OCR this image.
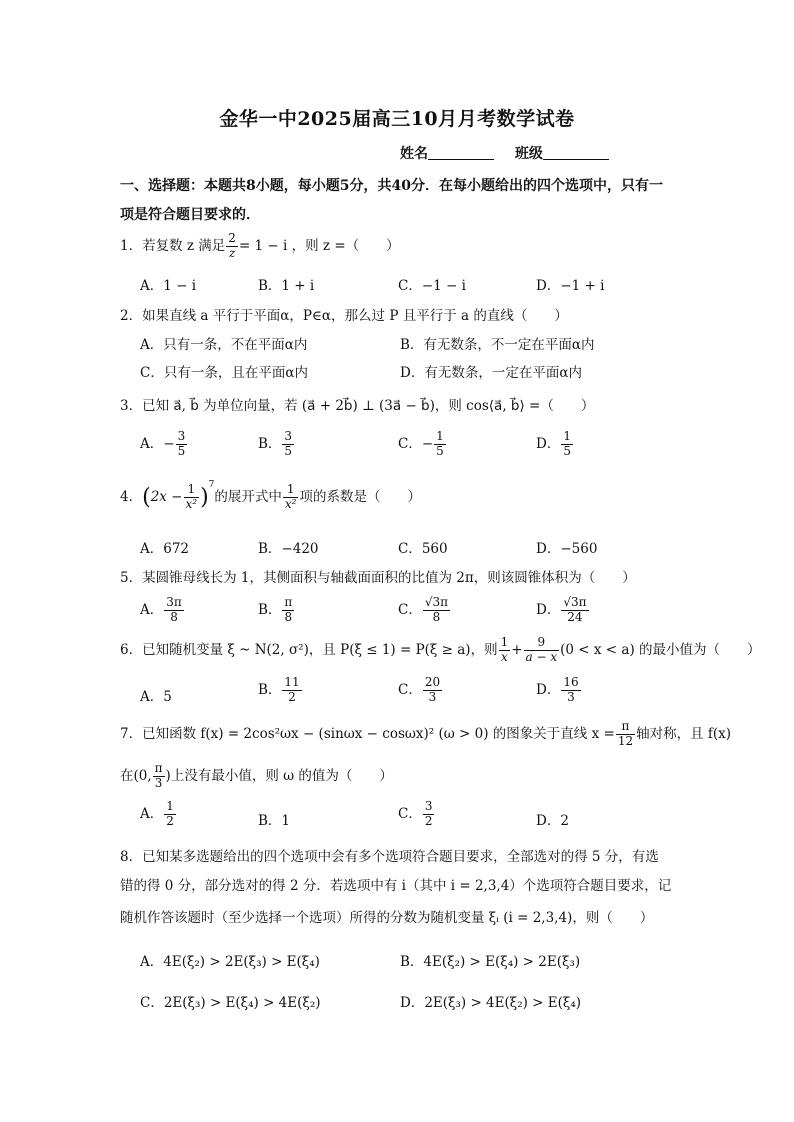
金华一中2025届高三10月月考数学试卷
姓名	班级
一、选择题：本题共8小题，每小题5分，共40分．在每小题给出的四个选项中，只有一
项是符合题目要求的．
1．若复数 z 满足 $\frac{2}{z} = 1 - i$ ，则 z =（　　）
A．1 − i	B．1 + i	C．−1 − i	D．−1 + i
2．如果直线 a 平行于平面α，P∈α，那么过 P 且平行于 a 的直线（　　）
A．只有一条，不在平面α内	B．有无数条，不一定在平面α内
C．只有一条，且在平面α内	D．有无数条，一定在平面α内
3．已知 a⃗, b⃗ 为单位向量，若 (a⃗ + 2b⃗) ⊥ (3a⃗ − b⃗)，则 cos⟨a⃗, b⃗⟩ =（　　）
A．− $\frac{3}{5}$	B． $\frac{3}{5}$	C．− $\frac{1}{5}$	D． $\frac{1}{5}$
4．$(2x - \frac{1}{\text{x²}} )^7$的展开式中 $\frac{1}{\text{x²}}$ 项的系数是（　　）
A．672	B．−420	C．560	D．−560
5．某圆锥母线长为 1，其侧面积与轴截面面积的比值为 2π，则该圆锥体积为（　　）
A． $\frac{3\pi}{8}$	B． $\frac{\pi}{8}$	C． $\frac{√3\pi}{8}$	D． $\frac{√3\pi}{24}$
6．已知随机变量 ξ ~ N(2, σ²)，且 P(ξ ≤ 1) = P(ξ ≥ a)，则 $\frac{1}{x} + \frac{9}{a - x} (0 < x < a)$ 的最小值为（　　）
A．5	B． $\frac{11}{2}$	C． $\frac{20}{3}$	D． $\frac{16}{3}$
7．已知函数 f(x) = 2cos²ωx − (sinωx − cosωx)² (ω > 0) 的图象关于直线 $x = \frac{\pi}{12}$ 轴对称，且 f(x)
在(0, $\frac{\pi}{3}$ )上没有最小值，则 ω 的值为（　　）
A． $\frac{1}{2}$	B．1	C． $\frac{3}{2}$	D．2
8．已知某多选题给出的四个选项中会有多个选项符合题目要求，全部选对的得 5 分，有选
错的得 0 分，部分选对的得 2 分．若选项中有 i（其中 i = 2,3,4）个选项符合题目要求，记
随机作答该题时（至少选择一个选项）所得的分数为随机变量 ξᵢ (i = 2,3,4)，则（　　）
A．4E(ξ₂) > 2E(ξ₃) > E(ξ₄)	B．4E(ξ₂) > E(ξ₄) > 2E(ξ₃)
C．2E(ξ₃) > E(ξ₄) > 4E(ξ₂)	D．2E(ξ₃) > 4E(ξ₂) > E(ξ₄)
